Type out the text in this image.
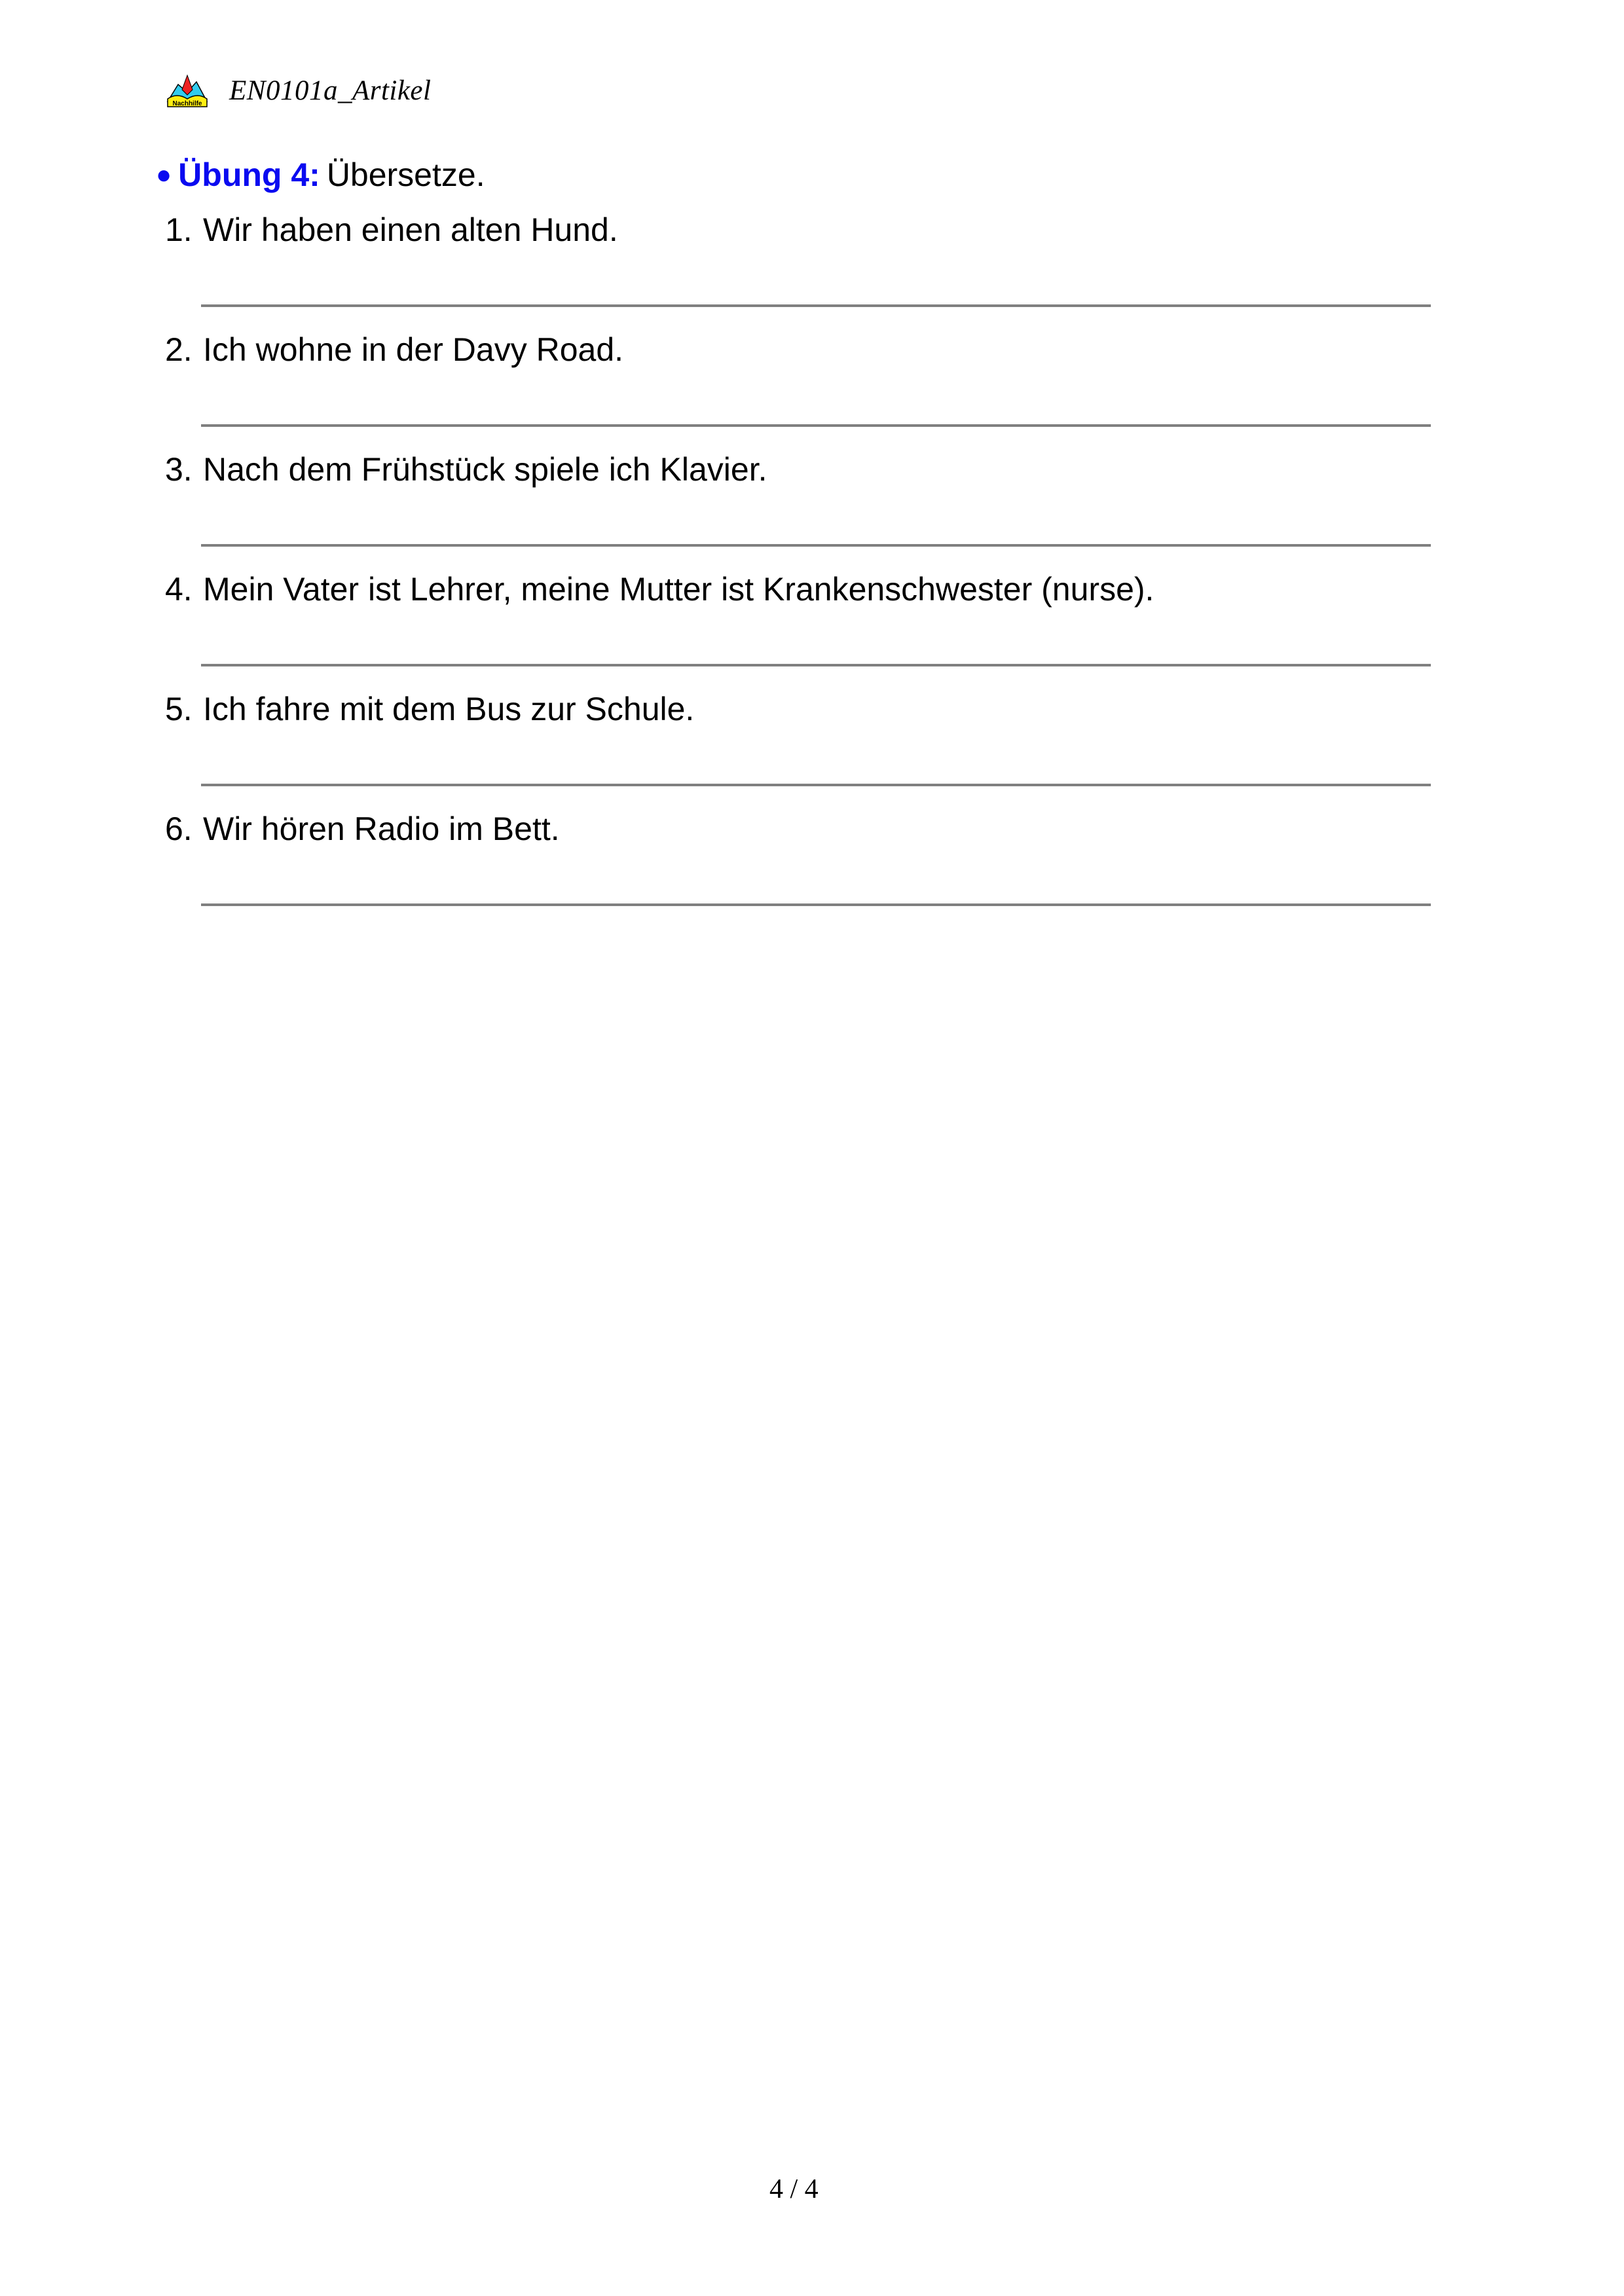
Nachhilfe EN0101a_Artikel
● Übung 4: Übersetze.
1. Wir haben einen alten Hund.
2. Ich wohne in der Davy Road.
3. Nach dem Frühstück spiele ich Klavier.
4. Mein Vater ist Lehrer, meine Mutter ist Krankenschwester (nurse).
5. Ich fahre mit dem Bus zur Schule.
6. Wir hören Radio im Bett.
4 / 4
